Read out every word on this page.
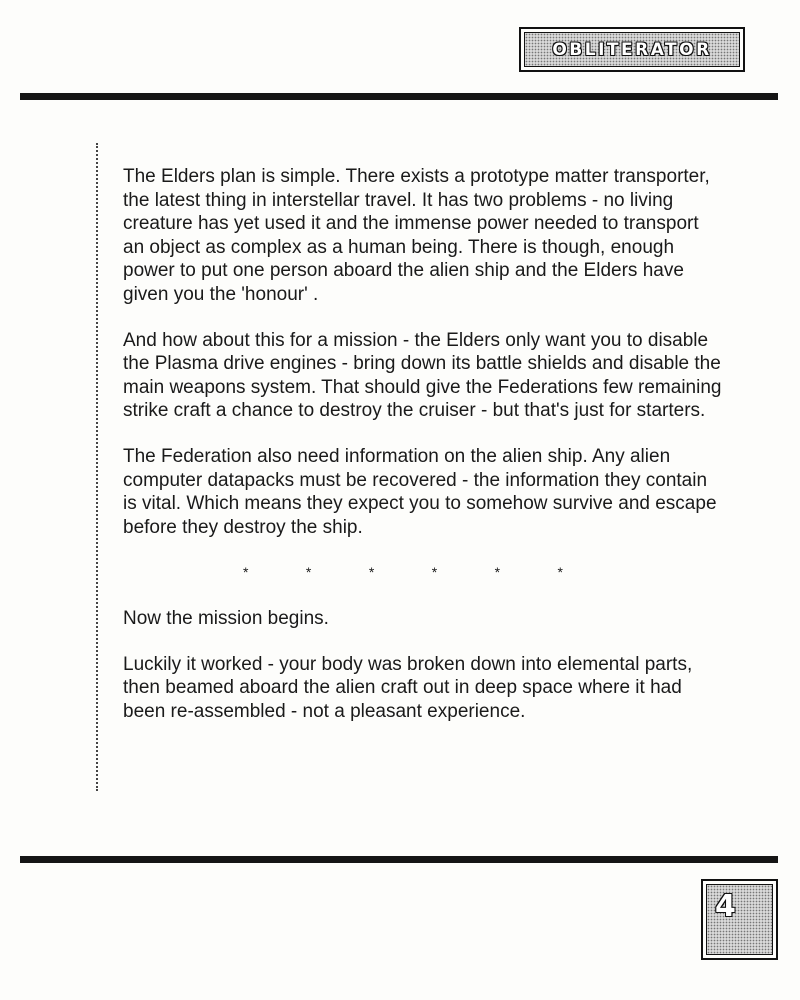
OBLITERATOR

The Elders plan is simple. There exists a prototype matter transporter, the latest thing in interstellar travel. It has two problems - no living creature has yet used it and the immense power needed to transport an object as complex as a human being. There is though, enough power to put one person aboard the alien ship and the Elders have given you the 'honour' .

And how about this for a mission - the Elders only want you to disable the Plasma drive engines - bring down its battle shields and disable the main weapons system. That should give the Federations few remaining strike craft a chance to destroy the cruiser - but that's just for starters.

The Federation also need information on the alien ship. Any alien computer datapacks must be recovered - the information they contain is vital. Which means they expect you to somehow survive and escape before they destroy the ship.

*	*	*	*	*	*

Now the mission begins.

Luckily it worked - your body was broken down into elemental parts, then beamed aboard the alien craft out in deep space where it had been re-assembled - not a pleasant experience.

4
